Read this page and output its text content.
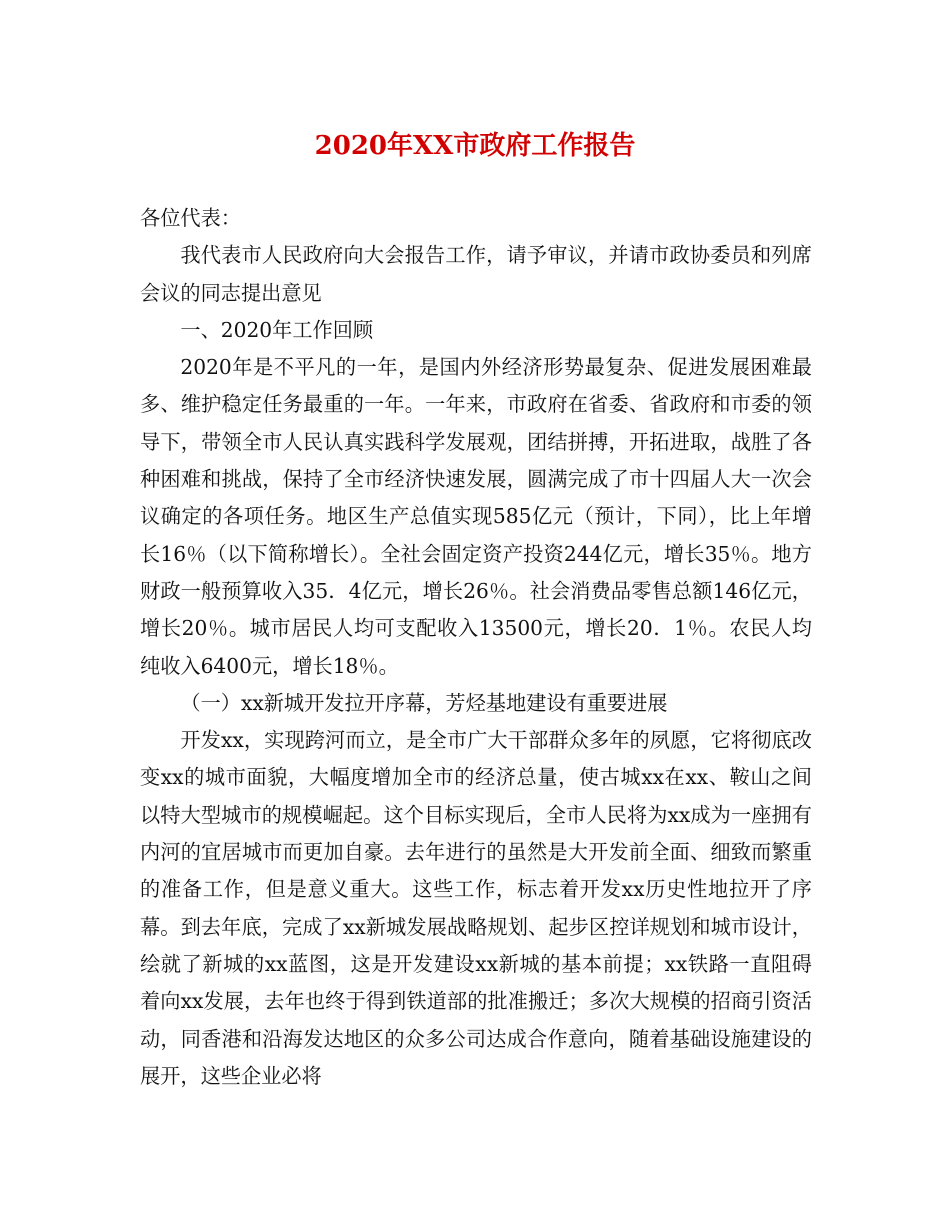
2020年XX市政府工作报告

各位代表：

我代表市人民政府向大会报告工作，请予审议，并请市政协委员和列席会议的同志提出意见

一、2020年工作回顾

2020年是不平凡的一年，是国内外经济形势最复杂、促进发展困难最多、维护稳定任务最重的一年。一年来，市政府在省委、省政府和市委的领导下，带领全市人民认真实践科学发展观，团结拼搏，开拓进取，战胜了各种困难和挑战，保持了全市经济快速发展，圆满完成了市十四届人大一次会议确定的各项任务。地区生产总值实现585亿元（预计，下同），比上年增长16％（以下简称增长）。全社会固定资产投资244亿元，增长35％。地方财政一般预算收入35．4亿元，增长26％。社会消费品零售总额146亿元，增长20％。城市居民人均可支配收入13500元，增长20．1％。农民人均纯收入6400元，增长18％。

（一）xx新城开发拉开序幕，芳烃基地建设有重要进展

开发xx，实现跨河而立，是全市广大干部群众多年的夙愿，它将彻底改变xx的城市面貌，大幅度增加全市的经济总量，使古城xx在xx、鞍山之间以特大型城市的规模崛起。这个目标实现后，全市人民将为xx成为一座拥有内河的宜居城市而更加自豪。去年进行的虽然是大开发前全面、细致而繁重的准备工作，但是意义重大。这些工作，标志着开发xx历史性地拉开了序幕。到去年底，完成了xx新城发展战略规划、起步区控详规划和城市设计，绘就了新城的xx蓝图，这是开发建设xx新城的基本前提；xx铁路一直阻碍着向xx发展，去年也终于得到铁道部的批准搬迁；多次大规模的招商引资活动，同香港和沿海发达地区的众多公司达成合作意向，随着基础设施建设的展开，这些企业必将
